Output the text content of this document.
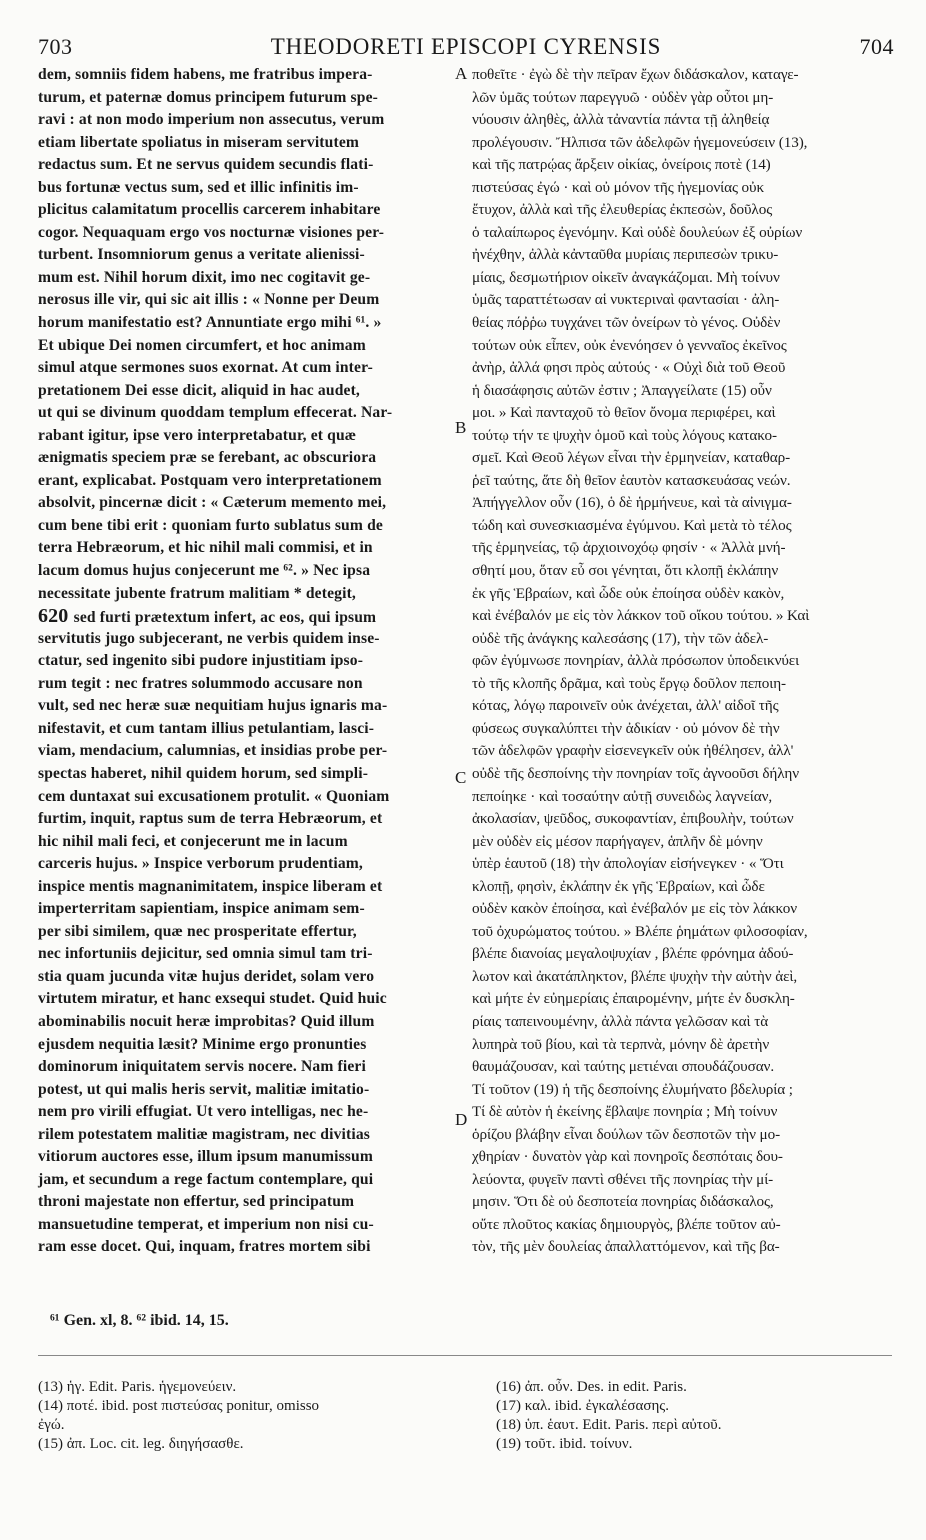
703	THEODORETI EPISCOPI CYRENSIS	704
dem, somniis fidem habens, me fratribus impera-
turum, et paternæ domus principem futurum spe-
ravi : at non modo imperium non assecutus, verum
etiam libertate spoliatus in miseram servitutem
redactus sum. Et ne servus quidem secundis flati-
bus fortunæ vectus sum, sed et illic infinitis im-
plicitus calamitatum procellis carcerem inhabitare
cogor. Nequaquam ergo vos nocturnæ visiones per-
turbent. Insomniorum genus a veritate alienissi-
mum est. Nihil horum dixit, imo nec cogitavit ge-
nerosus ille vir, qui sic ait illis : « Nonne per Deum
horum manifestatio est? Annuntiate ergo mihi ⁶¹. »
Et ubique Dei nomen circumfert, et hoc animam
simul atque sermones suos exornat. At cum inter-
pretationem Dei esse dicit, aliquid in hac audet,
ut qui se divinum quoddam templum effecerat. Nar-
rabant igitur, ipse vero interpretabatur, et quæ
ænigmatis speciem præ se ferebant, ac obscuriora
erant, explicabat. Postquam vero interpretationem
absolvit, pincernæ dicit : « Cæterum memento mei,
cum bene tibi erit : quoniam furto sublatus sum de
terra Hebræorum, et hic nihil mali commisi, et in
lacum domus hujus conjecerunt me ⁶². » Nec ipsa
necessitate jubente fratrum malitiam * detegit,
620 sed furti prætextum infert, ac eos, qui ipsum
servitutis jugo subjecerant, ne verbis quidem inse-
ctatur, sed ingenito sibi pudore injustitiam ipso-
rum tegit : nec fratres solummodo accusare non
vult, sed nec heræ suæ nequitiam hujus ignaris ma-
nifestavit, et cum tantam illius petulantiam, lasci-
viam, mendacium, calumnias, et insidias probe per-
spectas haberet, nihil quidem horum, sed simpli-
cem duntaxat sui excusationem protulit. « Quoniam
furtim, inquit, raptus sum de terra Hebræorum, et
hic nihil mali feci, et conjecerunt me in lacum
carceris hujus. » Inspice verborum prudentiam,
inspice mentis magnanimitatem, inspice liberam et
imperterritam sapientiam, inspice animam sem-
per sibi similem, quæ nec prosperitate effertur,
nec infortuniis dejicitur, sed omnia simul tam tri-
stia quam jucunda vitæ hujus deridet, solam vero
virtutem miratur, et hanc exsequi studet. Quid huic
abominabilis nocuit heræ improbitas? Quid illum
ejusdem nequitia læsit? Minime ergo pronunties
dominorum iniquitatem servis nocere. Nam fieri
potest, ut qui malis heris servit, malitiæ imitatio-
nem pro virili effugiat. Ut vero intelligas, nec he-
rilem potestatem malitiæ magistram, nec divitias
vitiorum auctores esse, illum ipsum manumissum
jam, et secundum a rege factum contemplare, qui
throni majestate non effertur, sed principatum
mansuetudine temperat, et imperium non nisi cu-
ram esse docet. Qui, inquam, fratres mortem sibi
ποθεῖτε · ἐγὼ δὲ τὴν πεῖραν ἔχων διδάσκαλον, καταγε-
λῶν ὑμᾶς τούτων παρεγγυῶ · οὐδὲν γὰρ οὗτοι μη-
νύουσιν ἀληθὲς, ἀλλὰ τἀναντία πάντα τῇ ἀληθείᾳ
προλέγουσιν. Ἤλπισα τῶν ἀδελφῶν ἡγεμονεύσειν (13),
καὶ τῆς πατρῴας ἄρξειν οἰκίας, ὀνείροις ποτὲ (14)
πιστεύσας ἐγώ · καὶ οὐ μόνον τῆς ἡγεμονίας οὐκ
ἔτυχον, ἀλλὰ καὶ τῆς ἐλευθερίας ἐκπεσὼν, δοῦλος
ὁ ταλαίπωρος ἐγενόμην. Καὶ οὐδὲ δουλεύων ἐξ οὐρίων
ἠνέχθην, ἀλλὰ κἀνταῦθα μυρίαις περιπεσὼν τρικυ-
μίαις, δεσμωτήριον οἰκεῖν ἀναγκάζομαι. Μὴ τοίνυν
ὑμᾶς ταραττέτωσαν αἱ νυκτεριναὶ φαντασίαι · ἀλη-
θείας πόῤῥω τυγχάνει τῶν ὀνείρων τὸ γένος. Οὐδὲν
τούτων οὐκ εἶπεν, οὐκ ἐνενόησεν ὁ γενναῖος ἐκεῖνος
ἀνὴρ, ἀλλά φησι πρὸς αὐτούς · « Οὐχὶ διὰ τοῦ Θεοῦ
ἡ διασάφησις αὐτῶν ἐστιν ; Ἀπαγγείλατε (15) οὖν
μοι. » Καὶ πανταχοῦ τὸ θεῖον ὄνομα περιφέρει, καὶ
τούτῳ τήν τε ψυχὴν ὁμοῦ καὶ τοὺς λόγους κατακο-
σμεῖ. Καὶ Θεοῦ λέγων εἶναι τὴν ἑρμηνείαν, καταθαρ-
ῥεῖ ταύτης, ἅτε δὴ θεῖον ἑαυτὸν κατασκευάσας νεών.
Ἀπήγγελλον οὖν (16), ὁ δὲ ἡρμήνευε, καὶ τὰ αἰνιγμα-
τώδη καὶ συνεσκιασμένα ἐγύμνου. Καὶ μετὰ τὸ τέλος
τῆς ἑρμηνείας, τῷ ἀρχιοινοχόῳ φησίν · « Ἀλλὰ μνή-
σθητί μου, ὅταν εὖ σοι γένηται, ὅτι κλοπῇ ἐκλάπην
ἐκ γῆς Ἑβραίων, καὶ ὧδε οὐκ ἐποίησα οὐδὲν κακὸν,
καὶ ἐνέβαλόν με εἰς τὸν λάκκον τοῦ οἴκου τούτου. » Καὶ
οὐδὲ τῆς ἀνάγκης καλεσάσης (17), τὴν τῶν ἀδελ-
φῶν ἐγύμνωσε πονηρίαν, ἀλλὰ πρόσωπον ὑποδεικνύει
τὸ τῆς κλοπῆς δρᾶμα, καὶ τοὺς ἔργῳ δοῦλον πεποιη-
κότας, λόγῳ παροινεῖν οὐκ ἀνέχεται, ἀλλ' αἰδοῖ τῆς
φύσεως συγκαλύπτει τὴν ἀδικίαν · οὐ μόνον δὲ τὴν
τῶν ἀδελφῶν γραφὴν εἰσενεγκεῖν οὐκ ἠθέλησεν, ἀλλ'
οὐδὲ τῆς δεσποίνης τὴν πονηρίαν τοῖς ἀγνοοῦσι δήλην
πεποίηκε · καὶ τοσαύτην αὐτῇ συνειδὼς λαγνείαν,
ἀκολασίαν, ψεῦδος, συκοφαντίαν, ἐπιβουλὴν, τούτων
μὲν οὐδὲν εἰς μέσον παρήγαγεν, ἁπλῆν δὲ μόνην
ὑπὲρ ἑαυτοῦ (18) τὴν ἀπολογίαν εἰσήνεγκεν · « Ὅτι
κλοπῇ, φησὶν, ἐκλάπην ἐκ γῆς Ἑβραίων, καὶ ὧδε
οὐδὲν κακὸν ἐποίησα, καὶ ἐνέβαλόν με εἰς τὸν λάκκον
τοῦ ὀχυρώματος τούτου. » Βλέπε ῥημάτων φιλοσοφίαν,
βλέπε διανοίας μεγαλοψυχίαν , βλέπε φρόνημα ἀδού-
λωτον καὶ ἀκατάπληκτον, βλέπε ψυχὴν τὴν αὐτὴν ἀεὶ,
καὶ μήτε ἐν εὐημερίαις ἐπαιρομένην, μήτε ἐν δυσκλη-
ρίαις ταπεινουμένην, ἀλλὰ πάντα γελῶσαν καὶ τὰ
λυπηρὰ τοῦ βίου, καὶ τὰ τερπνὰ, μόνην δὲ ἀρετὴν
θαυμάζουσαν, καὶ ταύτης μετιέναι σπουδάζουσαν.
Τί τοῦτον (19) ἡ τῆς δεσποίνης ἐλυμήνατο βδελυρία ;
Τί δὲ αὐτὸν ἡ ἐκείνης ἔβλαψε πονηρία ; Μὴ τοίνυν
ὁρίζου βλάβην εἶναι δούλων τῶν δεσποτῶν τὴν μο-
χθηρίαν · δυνατὸν γὰρ καὶ πονηροῖς δεσπόταις δου-
λεύοντα, φυγεῖν παντὶ σθένει τῆς πονηρίας τὴν μί-
μησιν. Ὅτι δὲ οὐ δεσποτεία πονηρίας διδάσκαλος,
οὔτε πλοῦτος κακίας δημιουργὸς, βλέπε τοῦτον αὐ-
τὸν, τῆς μὲν δουλείας ἀπαλλαττόμενον, καὶ τῆς βα-
A
B
C
D
⁶¹ Gen. xl, 8. ⁶² ibid. 14, 15.
(13) ἡγ. Edit. Paris. ἡγεμονεύειν.
(14) ποτέ. ibid. post πιστεύσας ponitur, omisso
ἐγώ.
(15) ἀπ. Loc. cit. leg. διηγήσασθε.
(16) ἀπ. οὖν. Des. in edit. Paris.
(17) καλ. ibid. ἐγκαλέσασης.
(18) ὑπ. ἑαυτ. Edit. Paris. περὶ αὐτοῦ.
(19) τοῦτ. ibid. τοίνυν.
